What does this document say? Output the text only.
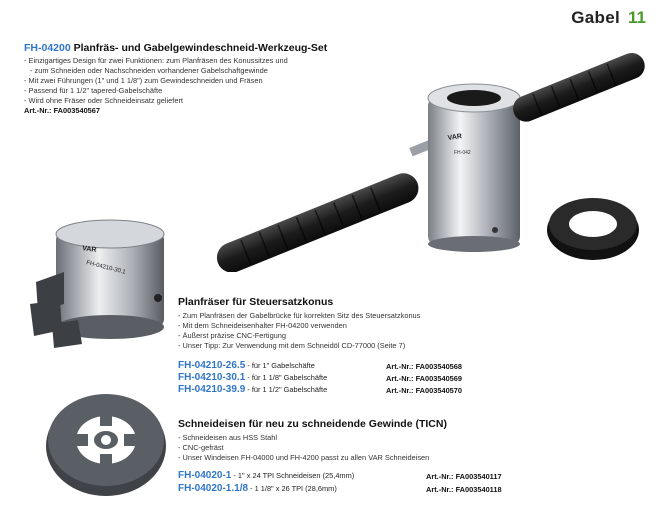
Gabel 11
FH-04200 Planfräs- und Gabelgewindeschneid-Werkzeug-Set
- Einzigartiges Design für zwei Funktionen: zum Planfräsen des Konussitzes und
- zum Schneiden oder Nachschneiden vorhandener Gabelschaftgewinde
- Mit zwei Führungen (1" und 1 1/8") zum Gewindeschneiden und Fräsen
- Passend für 1 1/2" tapered-Gabelschäfte
- Wird ohne Fräser oder Schneideinsatz geliefert
Art.-Nr.: FA003540567
VAR
FH-042
VAR
FH-04210-30.1
Planfräser für Steuersatzkonus
- Zum Planfräsen der Gabelbrücke für korrekten Sitz des Steuersatzkonus
- Mit dem Schneideisenhalter FH-04200 verwenden
- Äußerst präzise CNC-Fertigung
- Unser Tipp: Zur Verwendung mit dem Schneidöl CD-77000 (Seite 7)
FH-04210-26.5 - für 1" Gabelschäfte	Art.-Nr.: FA003540568
FH-04210-30.1 - für 1 1/8" Gabelschäfte	Art.-Nr.: FA003540569
FH-04210-39.9 - für 1 1/2" Gabelschäfte	Art.-Nr.: FA003540570
Schneideisen für neu zu schneidende Gewinde (TICN)
- Schneideisen aus HSS Stahl
- CNC-gefräst
- Unser Windeisen FH-04000 und FH-4200 passt zu allen VAR Schneideisen
FH-04020-1 - 1" x 24 TPI Schneideisen (25,4mm)	Art.-Nr.: FA003540117
FH-04020-1.1/8 - 1 1/8" x 26 TPI (28,6mm)	Art.-Nr.: FA003540118
